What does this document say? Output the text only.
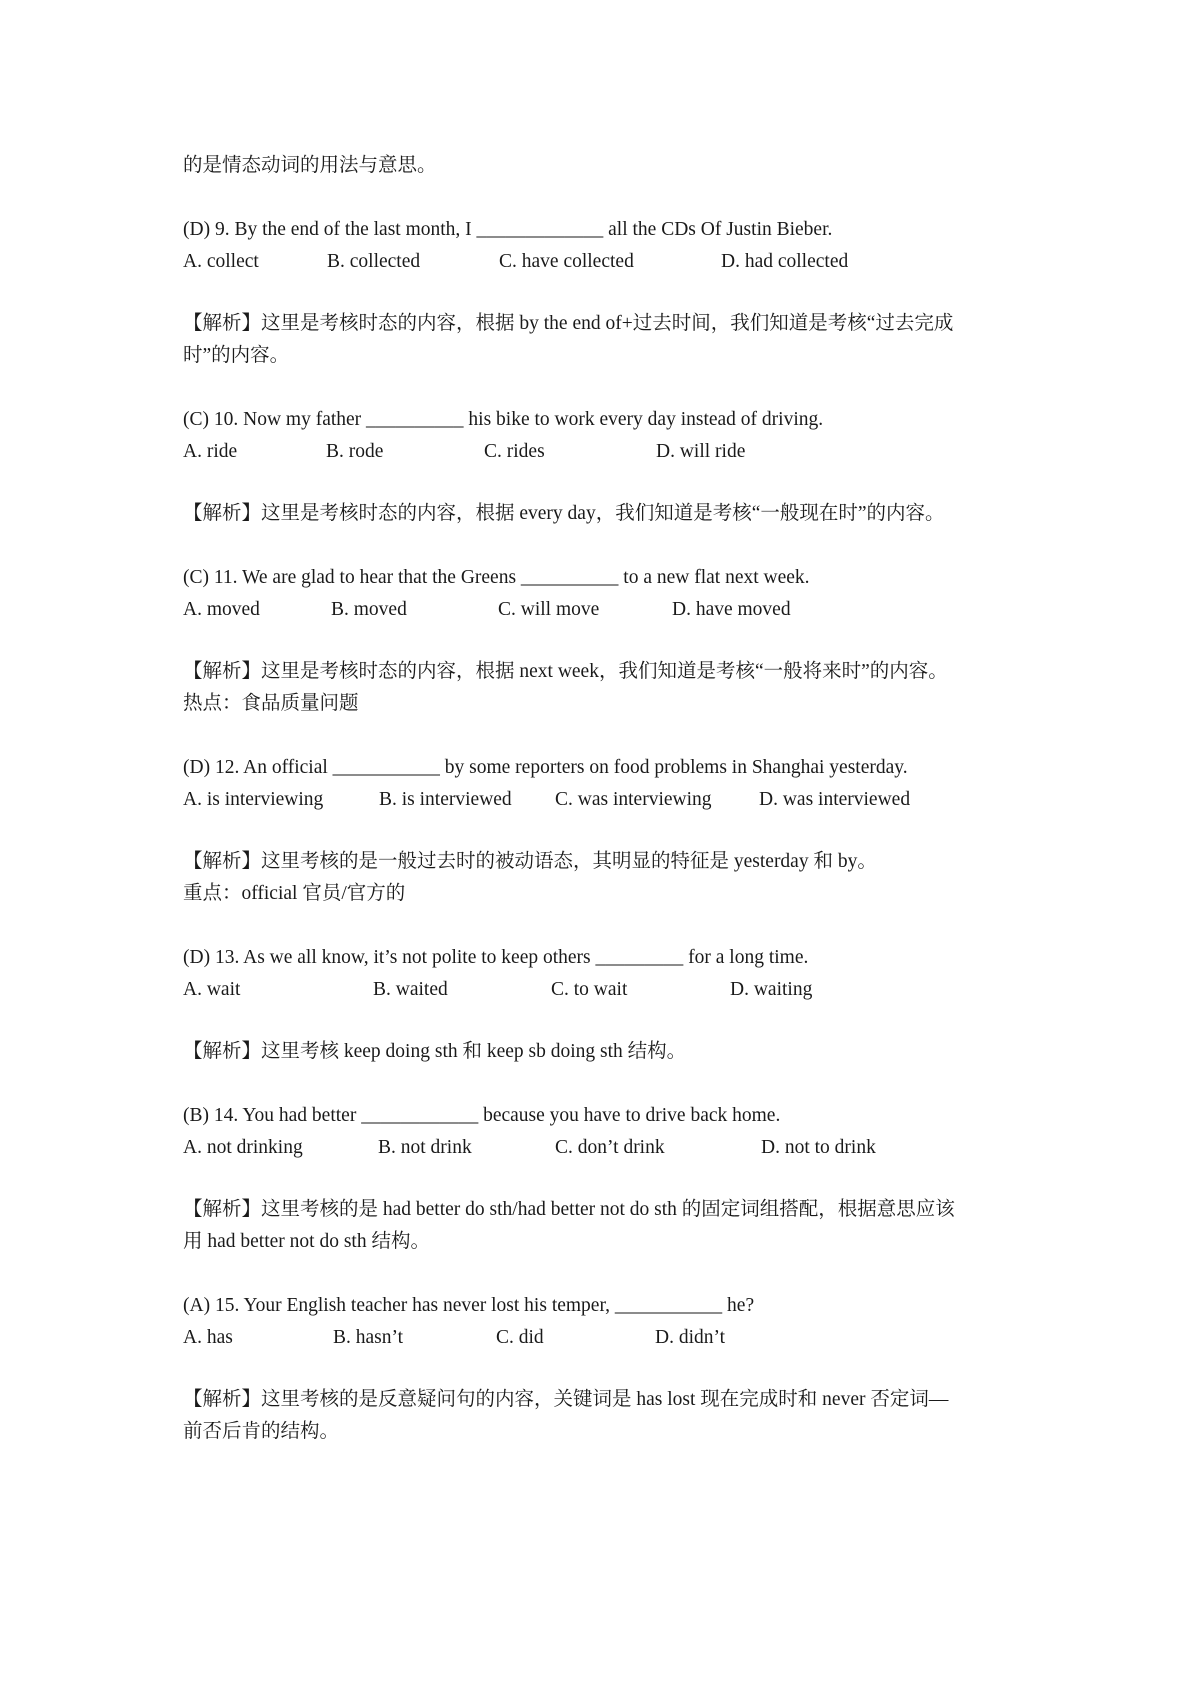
的是情态动词的用法与意思。
(D) 9. By the end of the last month, I _____________ all the CDs Of Justin Bieber.
A. collect	B. collected	C. have collected	D. had collected
【解析】这里是考核时态的内容，根据 by the end of+过去时间，我们知道是考核“过去完成
时”的内容。
(C) 10. Now my father __________ his bike to work every day instead of driving.
A. ride	B. rode	C. rides	D. will ride
【解析】这里是考核时态的内容，根据 every day，我们知道是考核“一般现在时”的内容。
(C) 11. We are glad to hear that the Greens __________ to a new flat next week.
A. moved	B. moved	C. will move	D. have moved
【解析】这里是考核时态的内容，根据 next week，我们知道是考核“一般将来时”的内容。
热点：食品质量问题
(D) 12. An official ___________ by some reporters on food problems in Shanghai yesterday.
A. is interviewing	B. is interviewed	C. was interviewing	D. was interviewed
【解析】这里考核的是一般过去时的被动语态，其明显的特征是 yesterday 和 by。
重点：official 官员/官方的
(D) 13. As we all know, it’s not polite to keep others _________ for a long time.
A. wait	B. waited	C. to wait	D. waiting
【解析】这里考核 keep doing sth 和 keep sb doing sth 结构。
(B) 14. You had better ____________ because you have to drive back home.
A. not drinking	B. not drink	C. don’t drink	D. not to drink
【解析】这里考核的是 had better do sth/had better not do sth 的固定词组搭配，根据意思应该
用 had better not do sth 结构。
(A) 15. Your English teacher has never lost his temper, ___________ he?
A. has	B. hasn’t	C. did	D. didn’t
【解析】这里考核的是反意疑问句的内容，关键词是 has lost 现在完成时和 never 否定词—
前否后肯的结构。
